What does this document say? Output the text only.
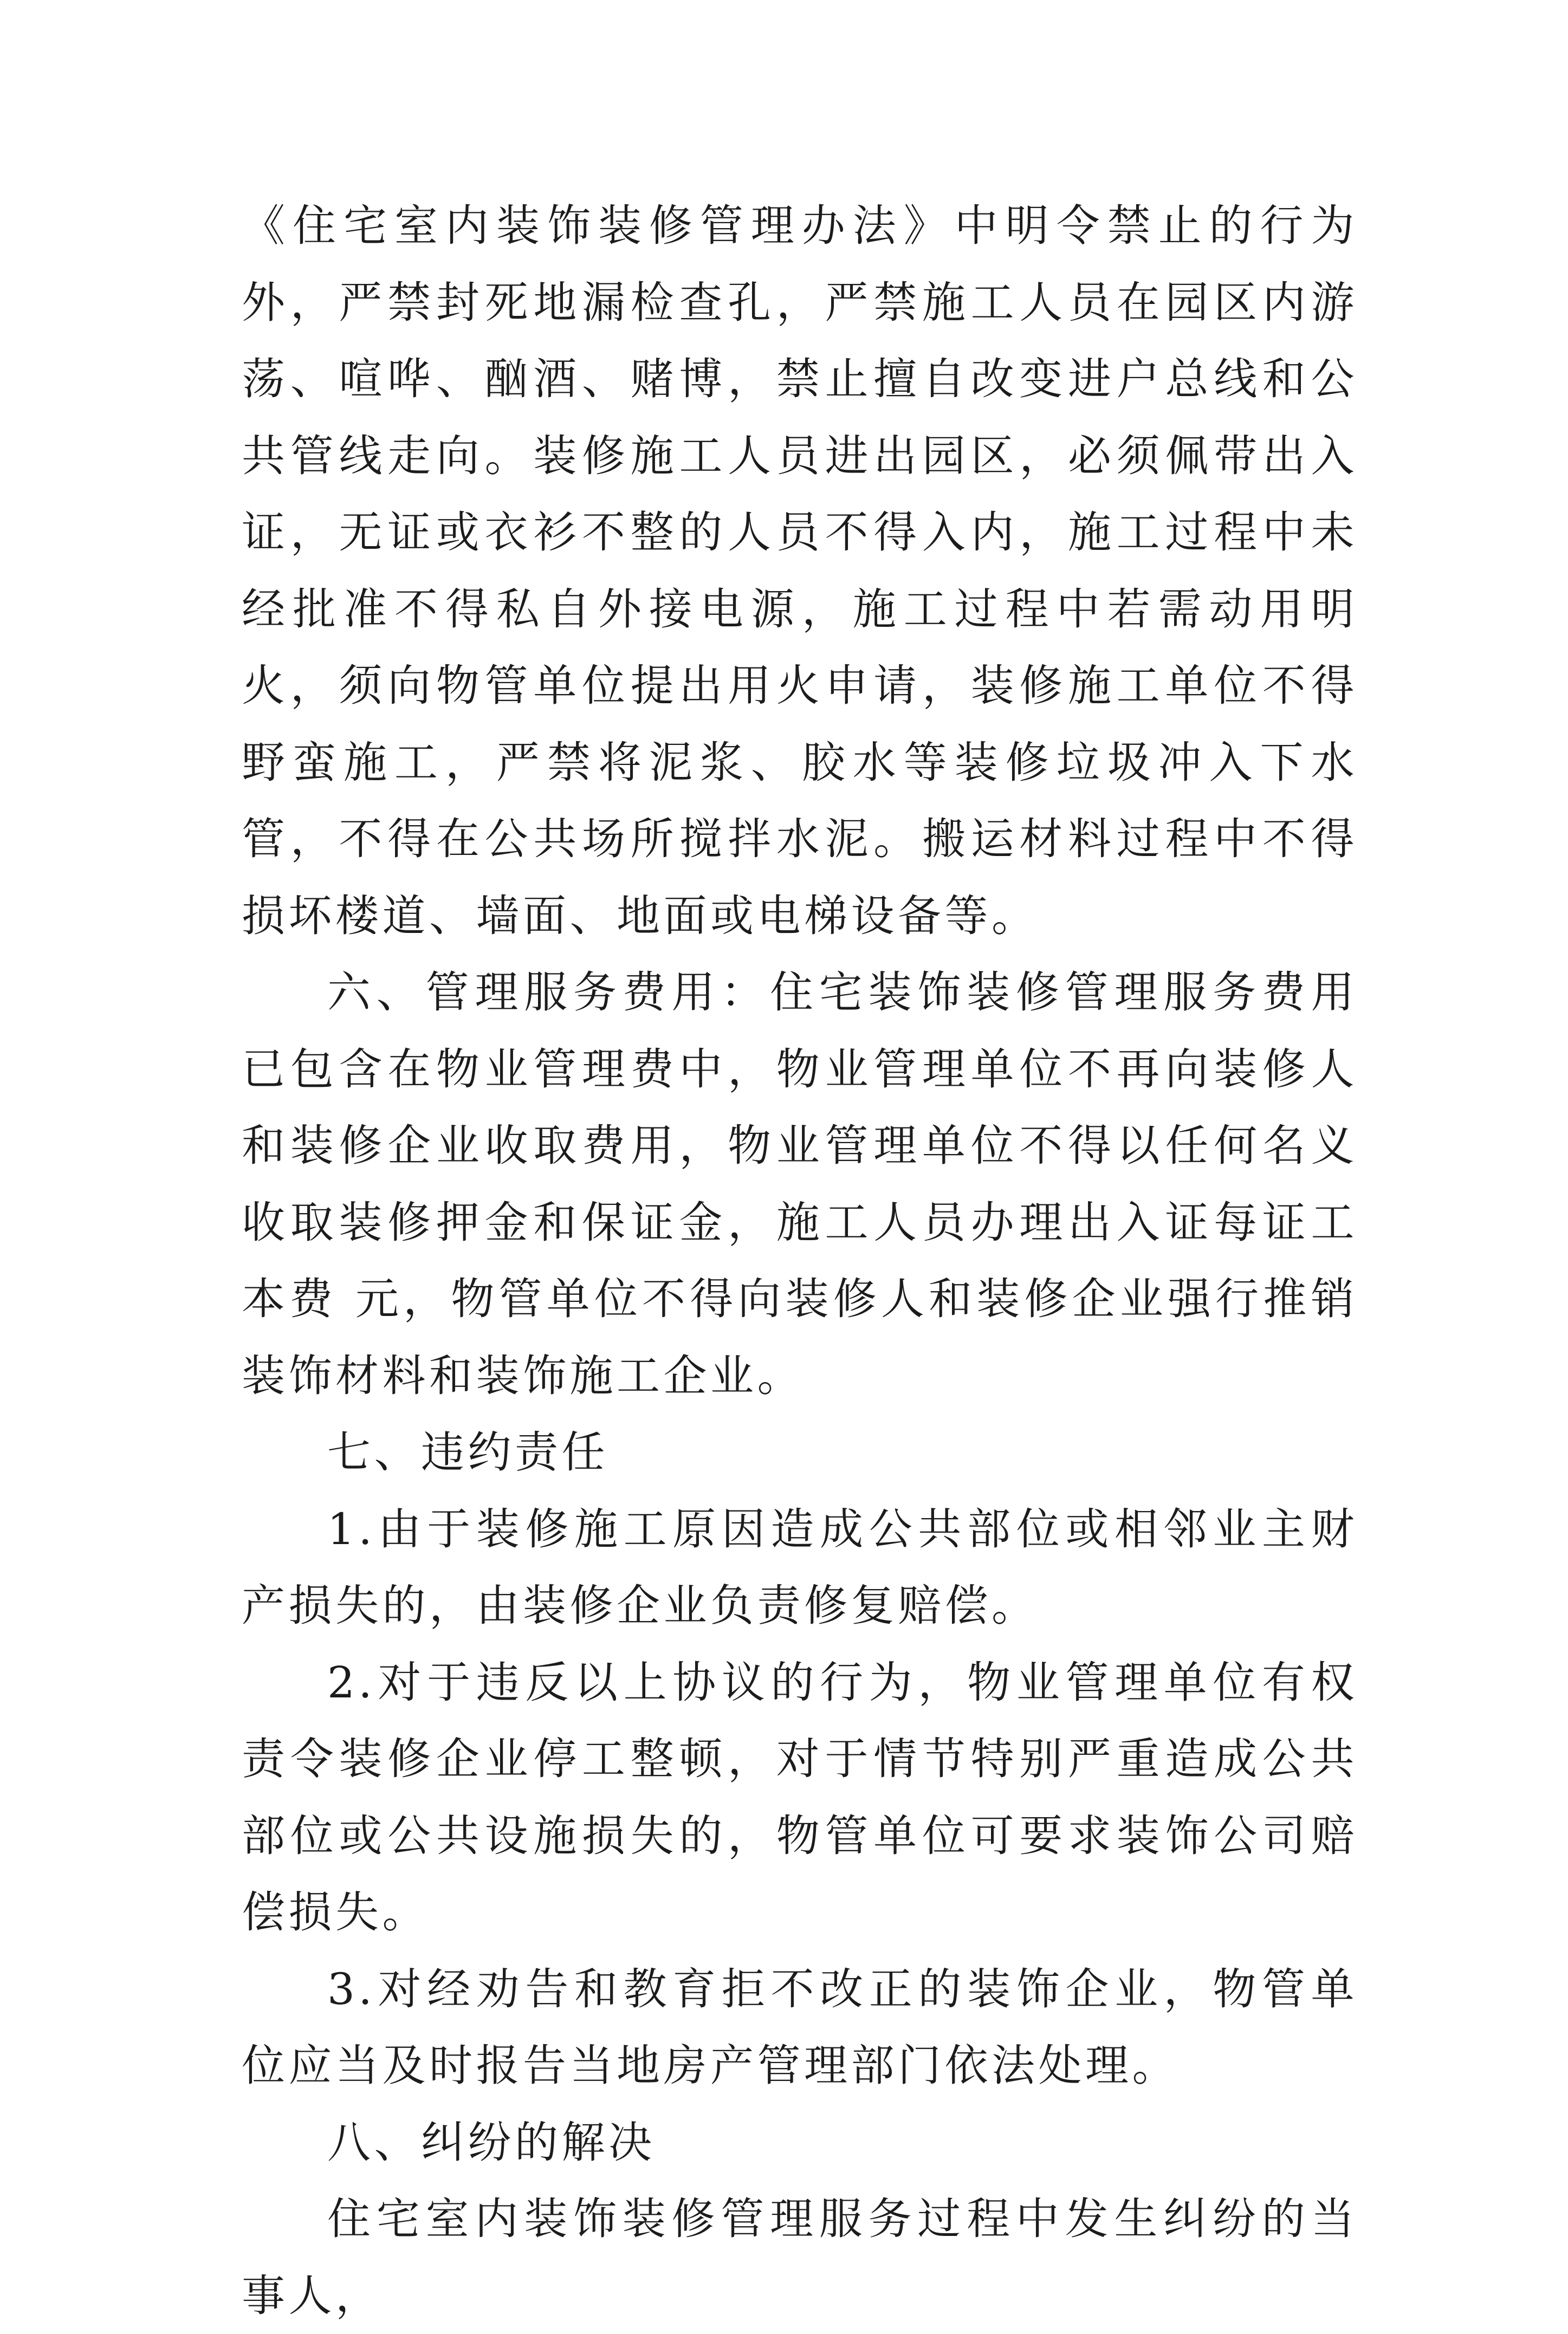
《住宅室内装饰装修管理办法》中明令禁止的行为外，严禁封死地漏检查孔，严禁施工人员在园区内游荡、喧哗、酗酒、赌博，禁止擅自改变进户总线和公共管线走向。装修施工人员进出园区，必须佩带出入证，无证或衣衫不整的人员不得入内，施工过程中未经批准不得私自外接电源，施工过程中若需动用明火，须向物管单位提出用火申请，装修施工单位不得野蛮施工，严禁将泥浆、胶水等装修垃圾冲入下水管，不得在公共场所搅拌水泥。搬运材料过程中不得损坏楼道、墙面、地面或电梯设备等。

六、管理服务费用：住宅装饰装修管理服务费用已包含在物业管理费中，物业管理单位不再向装修人和装修企业收取费用，物业管理单位不得以任何名义收取装修押金和保证金，施工人员办理出入证每证工本费 元，物管单位不得向装修人和装修企业强行推销装饰材料和装饰施工企业。

七、违约责任

1.由于装修施工原因造成公共部位或相邻业主财产损失的，由装修企业负责修复赔偿。

2.对于违反以上协议的行为，物业管理单位有权责令装修企业停工整顿，对于情节特别严重造成公共部位或公共设施损失的，物管单位可要求装饰公司赔偿损失。

3.对经劝告和教育拒不改正的装饰企业，物管单位应当及时报告当地房产管理部门依法处理。

八、纠纷的解决

住宅室内装饰装修管理服务过程中发生纠纷的当事人，
